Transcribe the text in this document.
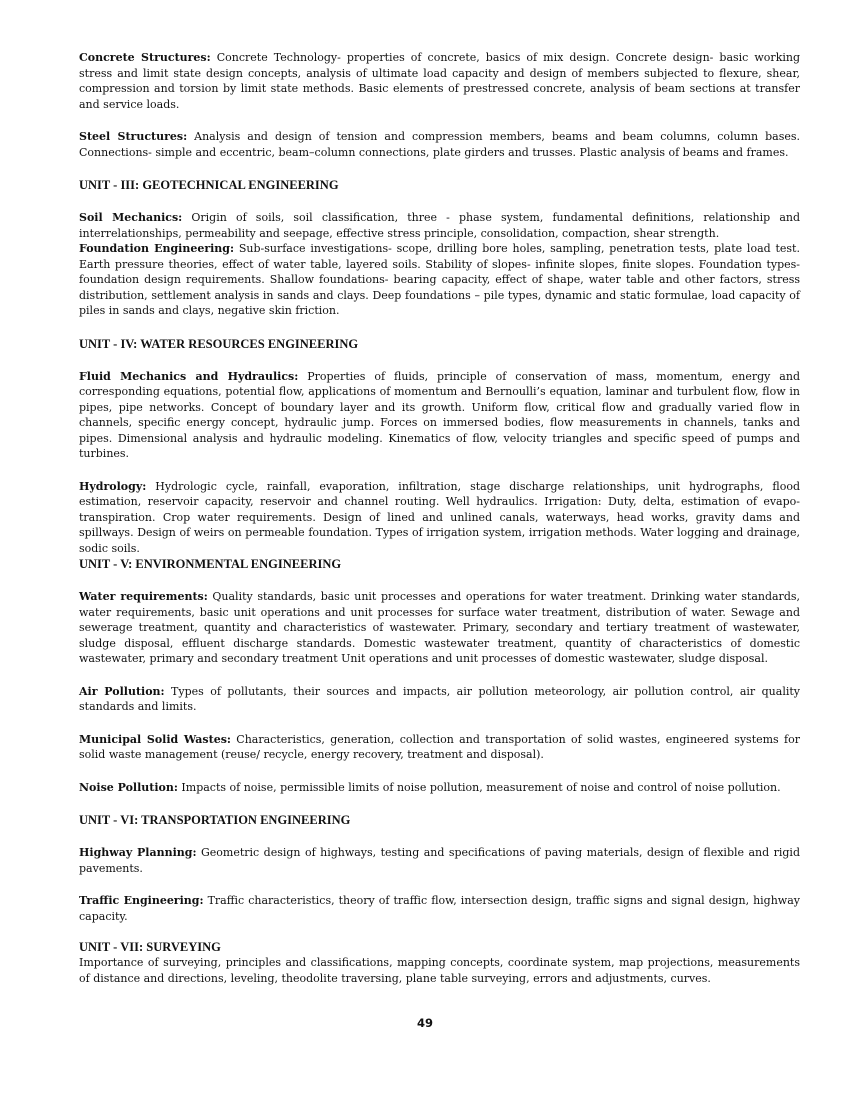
Concrete Structures: Concrete Technology- properties of concrete, basics of mix design. Concrete design- basic working stress and limit state design concepts, analysis of ultimate load capacity and design of members subjected to flexure, shear, compression and torsion by limit state methods. Basic elements of prestressed concrete, analysis of beam sections at transfer and service loads.

Steel Structures: Analysis and design of tension and compression members, beams and beam columns, column bases. Connections- simple and eccentric, beam–column connections, plate girders and trusses. Plastic analysis of beams and frames.

UNIT - III: GEOTECHNICAL ENGINEERING

Soil Mechanics: Origin of soils, soil classification, three - phase system, fundamental definitions, relationship and interrelationships, permeability and seepage, effective stress principle, consolidation, compaction, shear strength.

Foundation Engineering: Sub-surface investigations- scope, drilling bore holes, sampling, penetration tests, plate load test. Earth pressure theories, effect of water table, layered soils. Stability of slopes- infinite slopes, finite slopes. Foundation types- foundation design requirements. Shallow foundations- bearing capacity, effect of shape, water table and other factors, stress distribution, settlement analysis in sands and clays. Deep foundations – pile types, dynamic and static formulae, load capacity of piles in sands and clays, negative skin friction.

UNIT - IV: WATER RESOURCES ENGINEERING

Fluid Mechanics and Hydraulics: Properties of fluids, principle of conservation of mass, momentum, energy and corresponding equations, potential flow, applications of momentum and Bernoulli’s equation, laminar and turbulent flow, flow in pipes, pipe networks. Concept of boundary layer and its growth. Uniform flow, critical flow and gradually varied flow in channels, specific energy concept, hydraulic jump. Forces on immersed bodies, flow measurements in channels, tanks and pipes. Dimensional analysis and hydraulic modeling. Kinematics of flow, velocity triangles and specific speed of pumps and turbines.

Hydrology: Hydrologic cycle, rainfall, evaporation, infiltration, stage discharge relationships, unit hydrographs, flood estimation, reservoir capacity, reservoir and channel routing. Well hydraulics. Irrigation: Duty, delta, estimation of evapo-transpiration. Crop water requirements. Design of lined and unlined canals, waterways, head works, gravity dams and spillways. Design of weirs on permeable foundation. Types of irrigation system, irrigation methods. Water logging and drainage, sodic soils.

UNIT - V: ENVIRONMENTAL ENGINEERING

Water requirements: Quality standards, basic unit processes and operations for water treatment. Drinking water standards, water requirements, basic unit operations and unit processes for surface water treatment, distribution of water. Sewage and sewerage treatment, quantity and characteristics of wastewater. Primary, secondary and tertiary treatment of wastewater, sludge disposal, effluent discharge standards. Domestic wastewater treatment, quantity of characteristics of domestic wastewater, primary and secondary treatment Unit operations and unit processes of domestic wastewater, sludge disposal.

Air Pollution: Types of pollutants, their sources and impacts, air pollution meteorology, air pollution control, air quality standards and limits.

Municipal Solid Wastes: Characteristics, generation, collection and transportation of solid wastes, engineered systems for solid waste management (reuse/ recycle, energy recovery, treatment and disposal).

Noise Pollution: Impacts of noise, permissible limits of noise pollution, measurement of noise and control of noise pollution.

UNIT - VI: TRANSPORTATION ENGINEERING

Highway Planning: Geometric design of highways, testing and specifications of paving materials, design of flexible and rigid pavements.

Traffic Engineering: Traffic characteristics, theory of traffic flow, intersection design, traffic signs and signal design, highway capacity.

UNIT - VII: SURVEYING

Importance of surveying, principles and classifications, mapping concepts, coordinate system, map projections, measurements of distance and directions, leveling, theodolite traversing, plane table surveying, errors and adjustments, curves.

49
